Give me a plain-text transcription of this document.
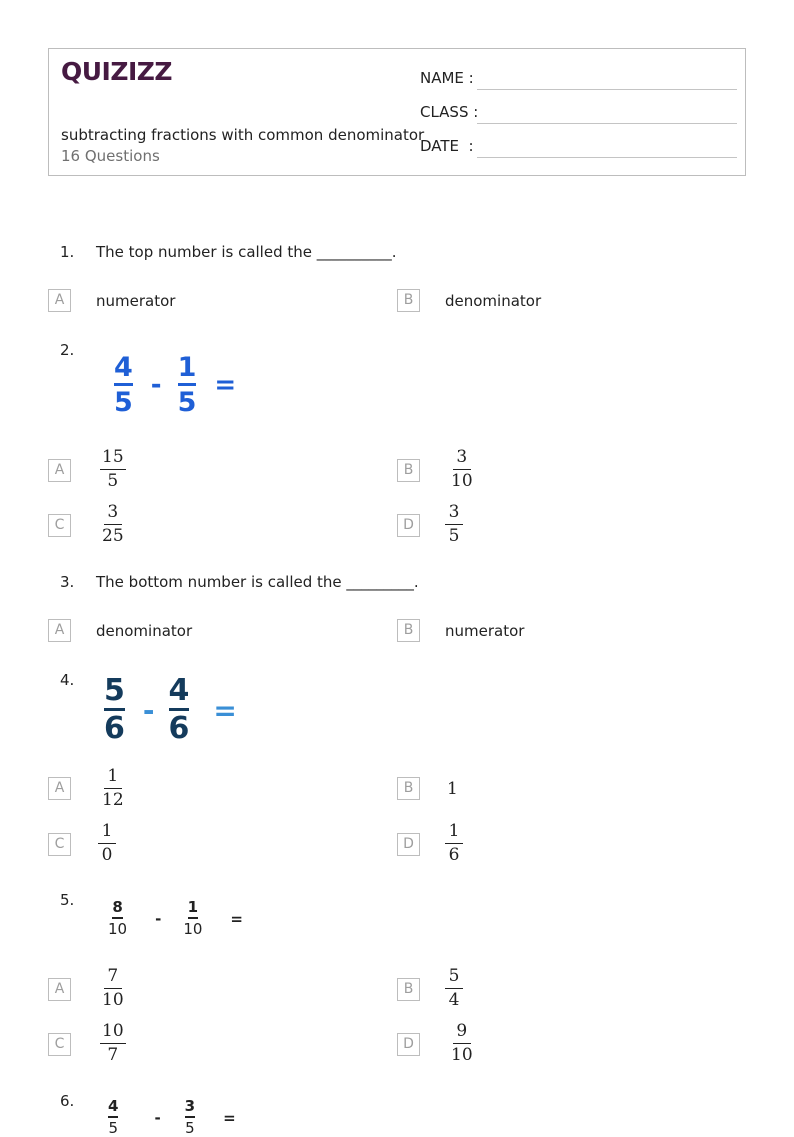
QUIZIZZ
subtracting fractions with common denominator
16 Questions
NAME :
CLASS :
DATE  :
1. The top number is called the __________.
A	numerator	B	denominator
2.
4
5
- $\frac{1}{5}$ =
A	$\frac{15}{5}$	B	$\frac{3}{10}$
C	$\frac{3}{25}$	D	$\frac{3}{5}$
3. The bottom number is called the _________.
A	denominator	B	numerator
4. 5
6
- $\frac{4}{6}$ =
A	$\frac{1}{12}$	B	1
C	$\frac{1}{0}$	D	$\frac{1}{6}$
5.	8
10
- $\frac{1}{10}$ =
A	$\frac{7}{10}$	B	$\frac{5}{4}$
C	$\frac{10}{7}$	D	$\frac{9}{10}$
6. 4
5
- $\frac{3}{5}$ =
